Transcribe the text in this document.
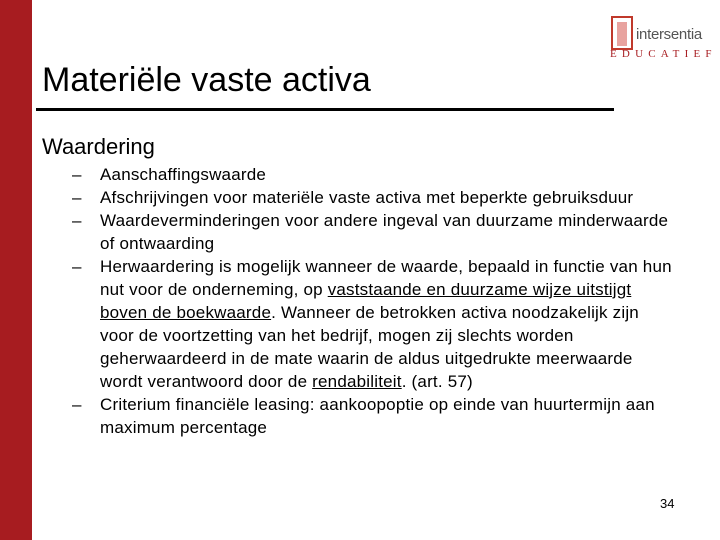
intersentia
EDUCATIEF
Materiële vaste activa
Waardering
– Aanschaffingswaarde
– Afschrijvingen voor materiële vaste activa met beperkte gebruiksduur
– Waardeverminderingen voor andere ingeval van duurzame minderwaarde of ontwaarding
– Herwaardering is mogelijk wanneer de waarde, bepaald in functie van hun nut voor de onderneming, op vaststaande en duurzame wijze uitstijgt boven de boekwaarde. Wanneer de betrokken activa noodzakelijk zijn voor de voortzetting van het bedrijf, mogen zij slechts worden geherwaardeerd in de mate waarin de aldus uitgedrukte meerwaarde wordt verantwoord door de rendabiliteit. (art. 57)
– Criterium financiële leasing: aankoopoptie op einde van huurtermijn aan maximum percentage
34
